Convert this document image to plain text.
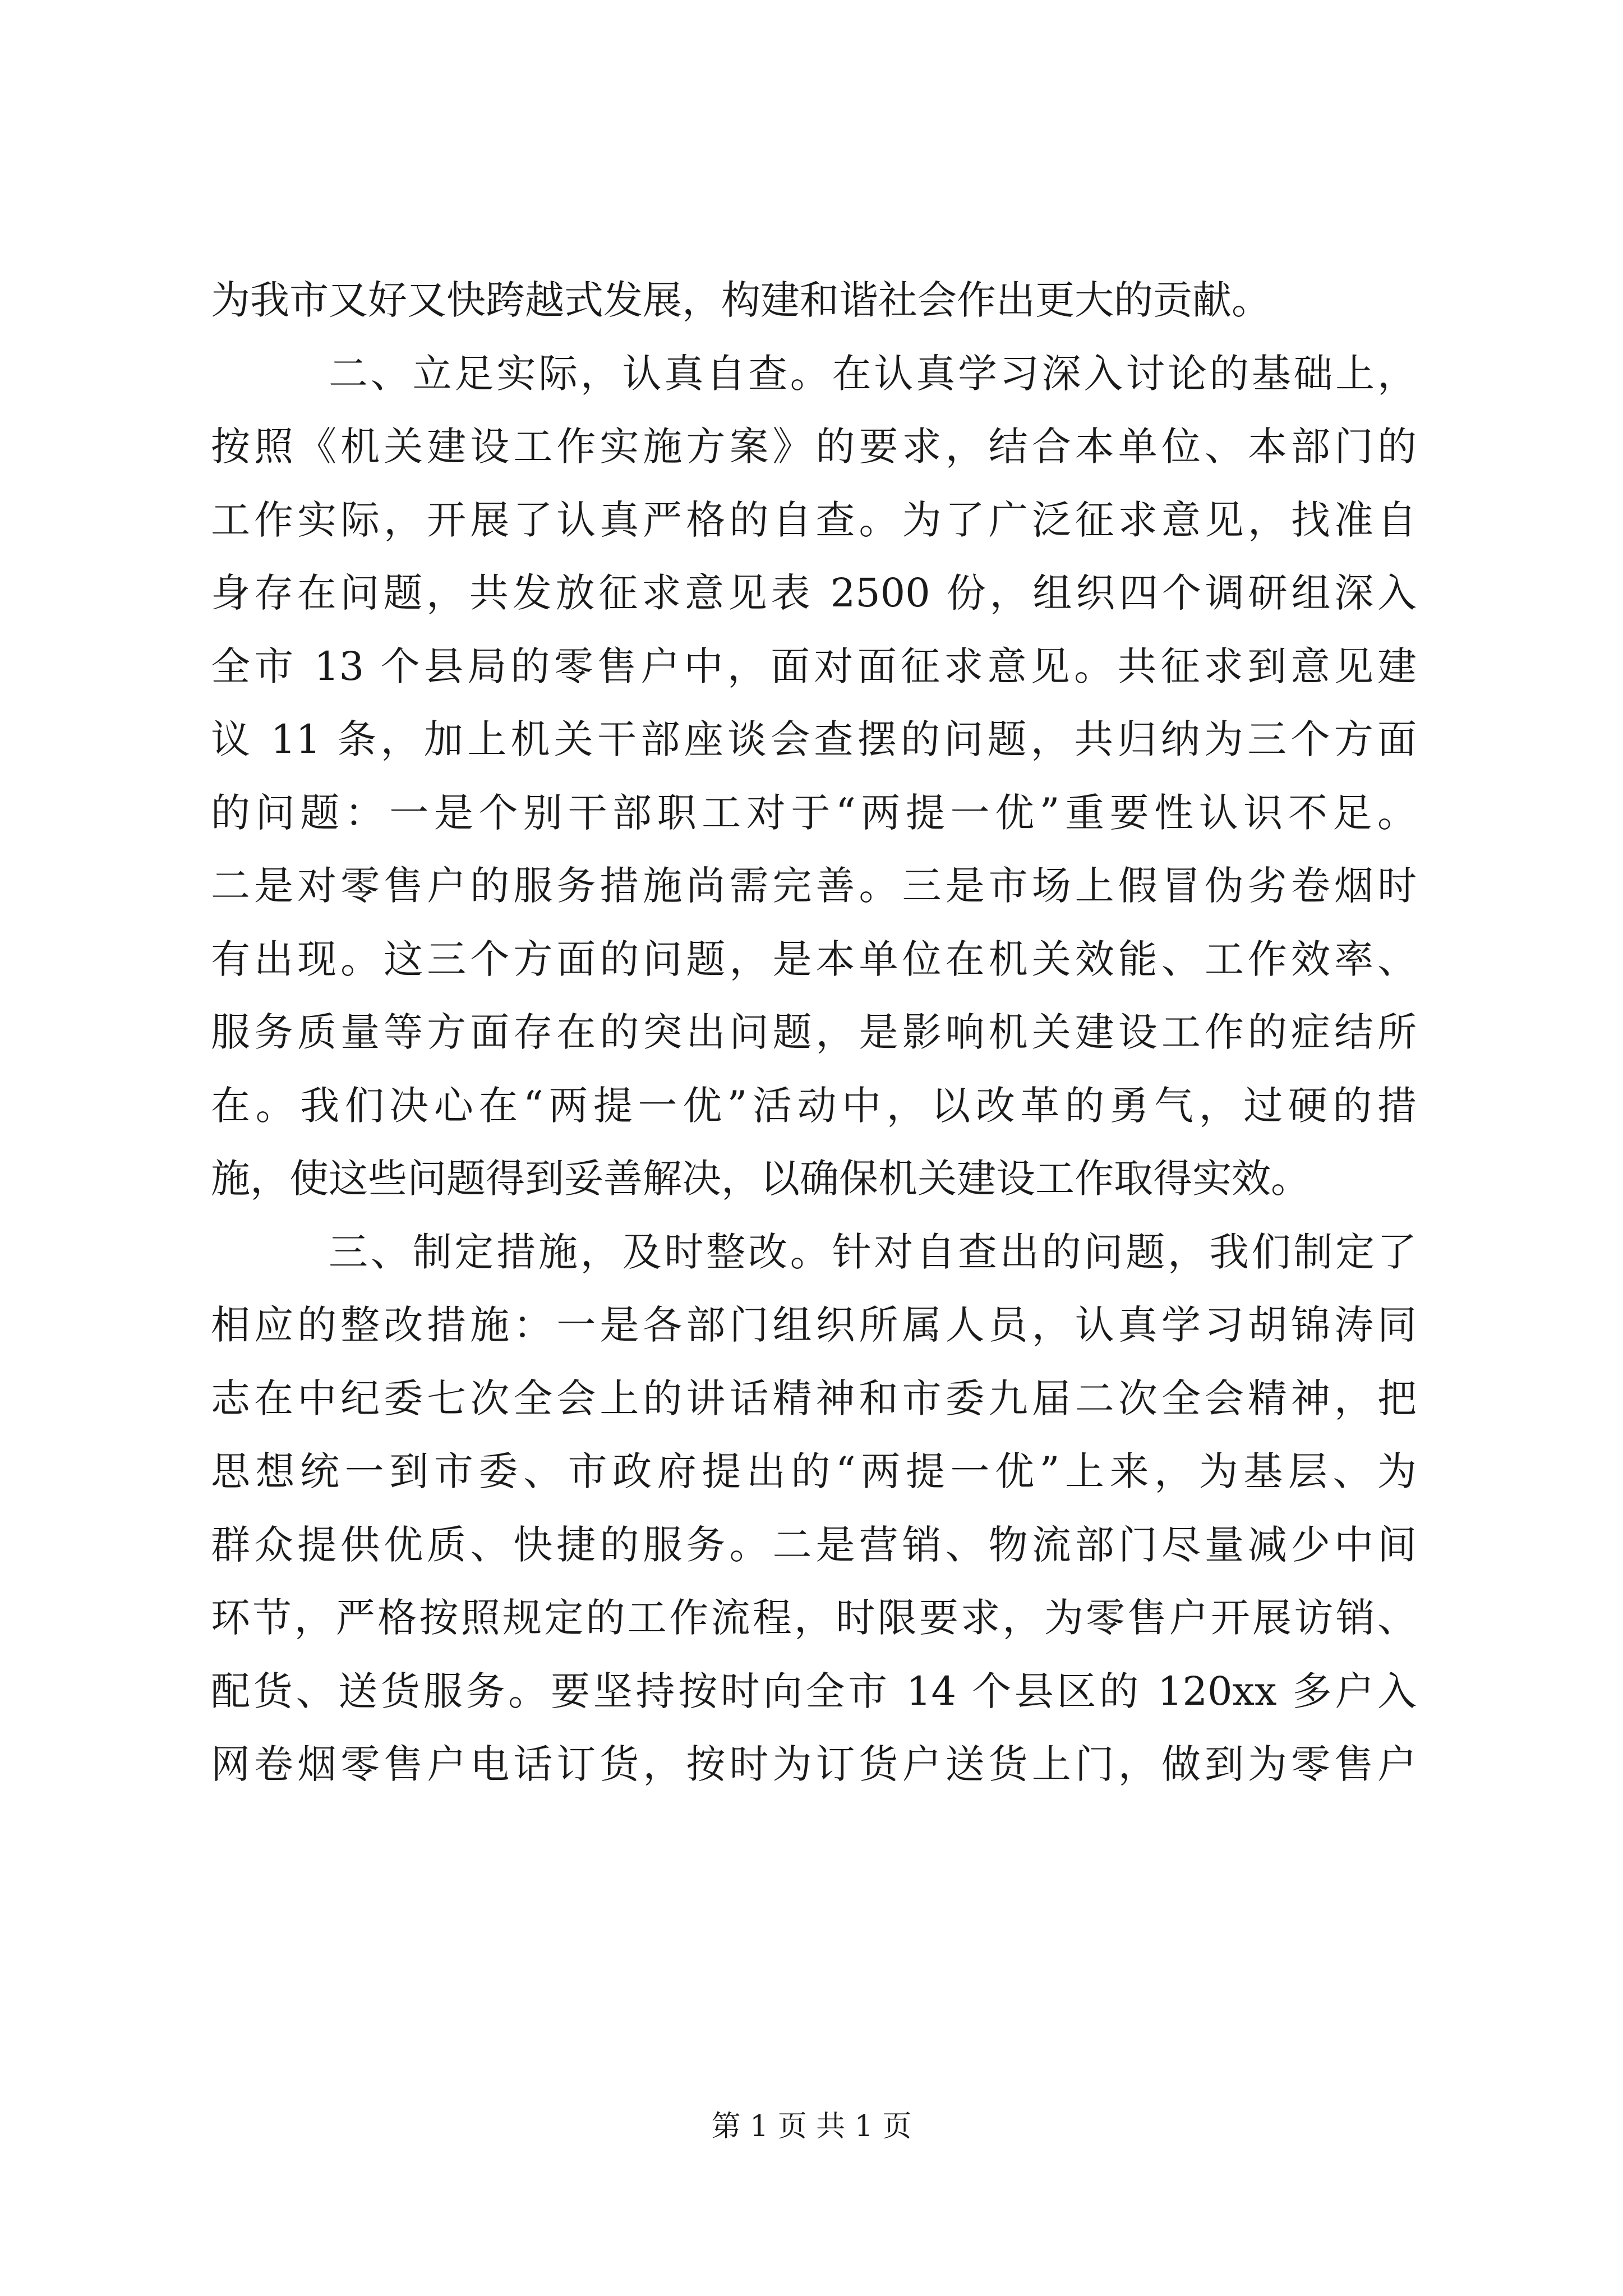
为我市又好又快跨越式发展，构建和谐社会作出更大的贡献。
二、立足实际，认真自查。在认真学习深入讨论的基础上，
按照《机关建设工作实施方案》的要求，结合本单位、本部门的
工作实际，开展了认真严格的自查。为了广泛征求意见，找准自
身存在问题，共发放征求意见表 2500 份，组织四个调研组深入
全市 13 个县局的零售户中，面对面征求意见。共征求到意见建
议 11 条，加上机关干部座谈会查摆的问题，共归纳为三个方面
的问题：一是个别干部职工对于“两提一优”重要性认识不足。
二是对零售户的服务措施尚需完善。三是市场上假冒伪劣卷烟时
有出现。这三个方面的问题，是本单位在机关效能、工作效率、
服务质量等方面存在的突出问题，是影响机关建设工作的症结所
在。我们决心在“两提一优”活动中，以改革的勇气，过硬的措
施，使这些问题得到妥善解决，以确保机关建设工作取得实效。
三、制定措施，及时整改。针对自查出的问题，我们制定了
相应的整改措施：一是各部门组织所属人员，认真学习胡锦涛同
志在中纪委七次全会上的讲话精神和市委九届二次全会精神，把
思想统一到市委、市政府提出的“两提一优”上来，为基层、为
群众提供优质、快捷的服务。二是营销、物流部门尽量减少中间
环节，严格按照规定的工作流程，时限要求，为零售户开展访销、
配货、送货服务。要坚持按时向全市 14 个县区的 120xx 多户入
网卷烟零售户电话订货，按时为订货户送货上门，做到为零售户
第 1 页 共 1 页
